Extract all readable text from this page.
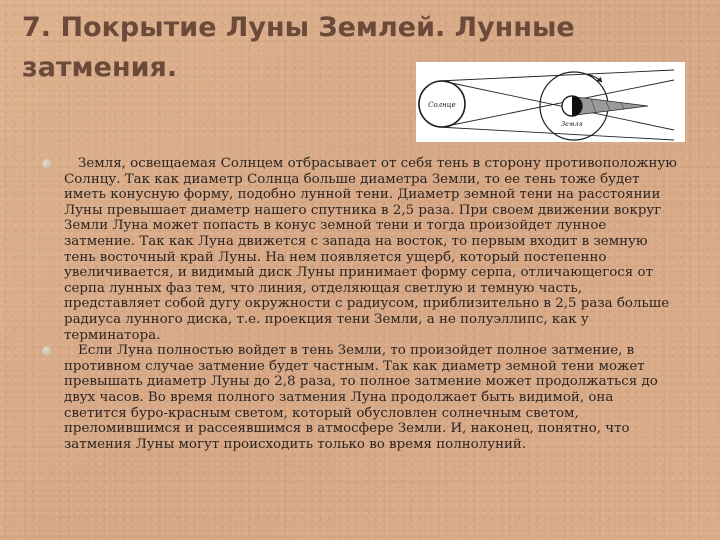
7. Покрытие Луны Землей. Лунные затмения.
Солнце
Земля
Земля, освещаемая Солнцем отбрасывает от себя тень в сторону противоположную Солнцу. Так как диаметр Солнца больше диаметра Земли, то ее тень тоже будет иметь конусную форму, подобно лунной тени. Диаметр земной тени на расстоянии Луны превышает диаметр нашего спутника в 2,5 раза. При своем движении вокруг Земли Луна может попасть в конус земной тени и тогда произойдет лунное затмение. Так как Луна движется с запада на восток, то первым входит в земную тень восточный край Луны. На нем появляется ущерб, который постепенно увеличивается, и видимый диск Луны принимает форму серпа, отличающегося от серпа лунных фаз тем, что линия, отделяющая светлую и темную часть, представляет собой дугу окружности с радиусом, приблизительно в 2,5 раза больше радиуса лунного диска, т.е. проекция тени Земли, а не полуэллипс, как у терминатора.
Если Луна полностью войдет в тень Земли, то произойдет полное затмение, в противном случае затмение будет частным. Так как диаметр земной тени может превышать диаметр Луны до 2,8 раза, то полное затмение может продолжаться до двух часов. Во время полного затмения Луна продолжает быть видимой, она светится буро-красным светом, который обусловлен солнечным светом, преломившимся и рассеявшимся в атмосфере Земли. И, наконец, понятно, что затмения Луны могут происходить только во время полнолуний.
